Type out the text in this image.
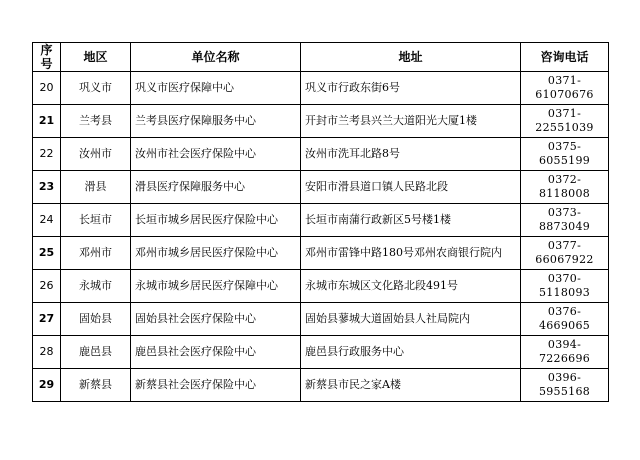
序号	地区	单位名称	地址	咨询电话
20	巩义市	巩义市医疗保障中心	巩义市行政东街6号	0371-61070676
21	兰考县	兰考县医疗保障服务中心	开封市兰考县兴兰大道阳光大厦1楼	0371-22551039
22	汝州市	汝州市社会医疗保险中心	汝州市洗耳北路8号	0375-6055199
23	滑县	滑县医疗保障服务中心	安阳市滑县道口镇人民路北段	0372-8118008
24	长垣市	长垣市城乡居民医疗保险中心	长垣市南蒲行政新区5号楼1楼	0373-8873049
25	邓州市	邓州市城乡居民医疗保险中心	邓州市雷锋中路180号邓州农商银行院内	0377-66067922
26	永城市	永城市城乡居民医疗保障中心	永城市东城区文化路北段491号	0370-5118093
27	固始县	固始县社会医疗保险中心	固始县蓼城大道固始县人社局院内	0376-4669065
28	鹿邑县	鹿邑县社会医疗保险中心	鹿邑县行政服务中心	0394-7226696
29	新蔡县	新蔡县社会医疗保险中心	新蔡县市民之家A楼	0396-5955168
